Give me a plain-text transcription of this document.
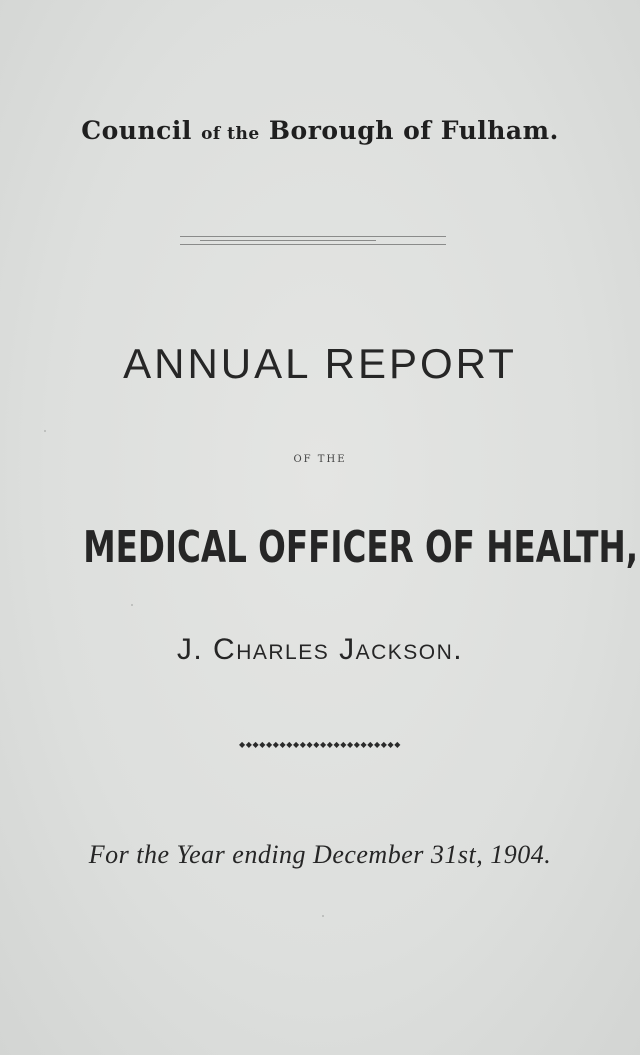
Council of the Borough of Fulham.
ANNUAL REPORT
OF THE
MEDICAL OFFICER OF HEALTH,
J. Charles Jackson.
◆◆◆◆◆◆◆◆◆◆◆◆◆◆◆◆◆◆◆◆◆◆◆◆
For the Year ending December 31st, 1904.
